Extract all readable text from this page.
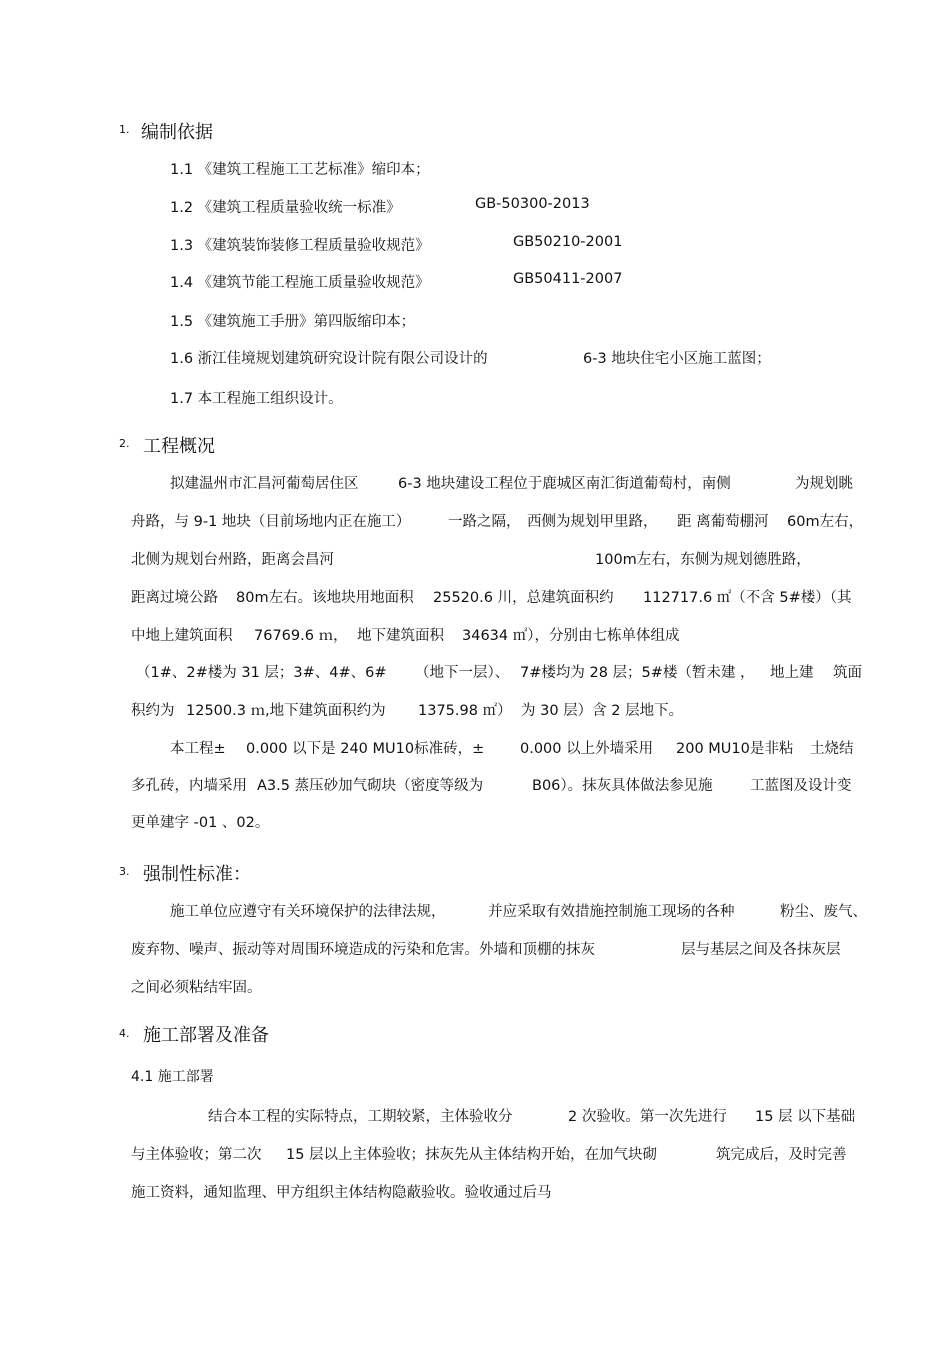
1. 编制依据
1.1 《建筑工程施工工艺标准》缩印本；
1.2 《建筑工程质量验收统一标准》	GB-50300-2013
1.3 《建筑装饰装修工程质量验收规范》	GB50210-2001
1.4 《建筑节能工程施工质量验收规范》	GB50411-2007
1.5 《建筑施工手册》第四版缩印本；
1.6 浙江佳境规划建筑研究设计院有限公司设计的	6-3 地块住宅小区施工蓝图；
1.7 本工程施工组织设计。
2. 工程概况
拟建温州市汇昌河葡萄居住区	6-3 地块建设工程位于鹿城区南汇街道葡萄村，南侧	为规划眺
舟路，与 9-1 地块（目前场地内正在施工）	一路之隔， 西侧为规划甲里路， 距 离葡萄棚河 60m左右，
北侧为规划台州路，距离会昌河	100m左右，东侧为规划德胜路，
距离过境公路 80m左右。该地块用地面积 25520.6 川，总建筑面积约 112717.6 ㎡（不含 5#楼）（其
中地上建筑面积 76769.6 ｍ， 地下建筑面积 34634 ㎡），分别由七栋单体组成
（1#、2#楼为 31 层；3#、4#、6# （地下一层）、 7#楼均为 28 层；5#楼（暂未建 ， 地上建 筑面
积约为 12500.3 ｍ,地下建筑面积约为 1375.98 ㎡） 为 30 层）含 2 层地下。
本工程± 0.000 以下是 240 MU10标准砖，± 0.000 以上外墙采用 200 MU10是非粘 土烧结
多孔砖，内墙采用 A3.5 蒸压砂加气砌块（密度等级为	B06）。抹灰具体做法参见施	工蓝图及设计变
更单建字 -01 、02。
3. 强制性标准：
施工单位应遵守有关环境保护的法律法规，	并应采取有效措施控制施工现场的各种	粉尘、废气、
废弃物、噪声、振动等对周围环境造成的污染和危害。外墙和顶棚的抹灰	层与基层之间及各抹灰层
之间必须粘结牢固。
4. 施工部署及准备
4.1 施工部署
结合本工程的实际特点，工期较紧，主体验收分	2 次验收。第一次先进行 15 层 以下基础
与主体验收；第二次 15 层以上主体验收；抹灰先从主体结构开始，在加气块砌	筑完成后，及时完善
施工资料，通知监理、甲方组织主体结构隐蔽验收。验收通过后马
